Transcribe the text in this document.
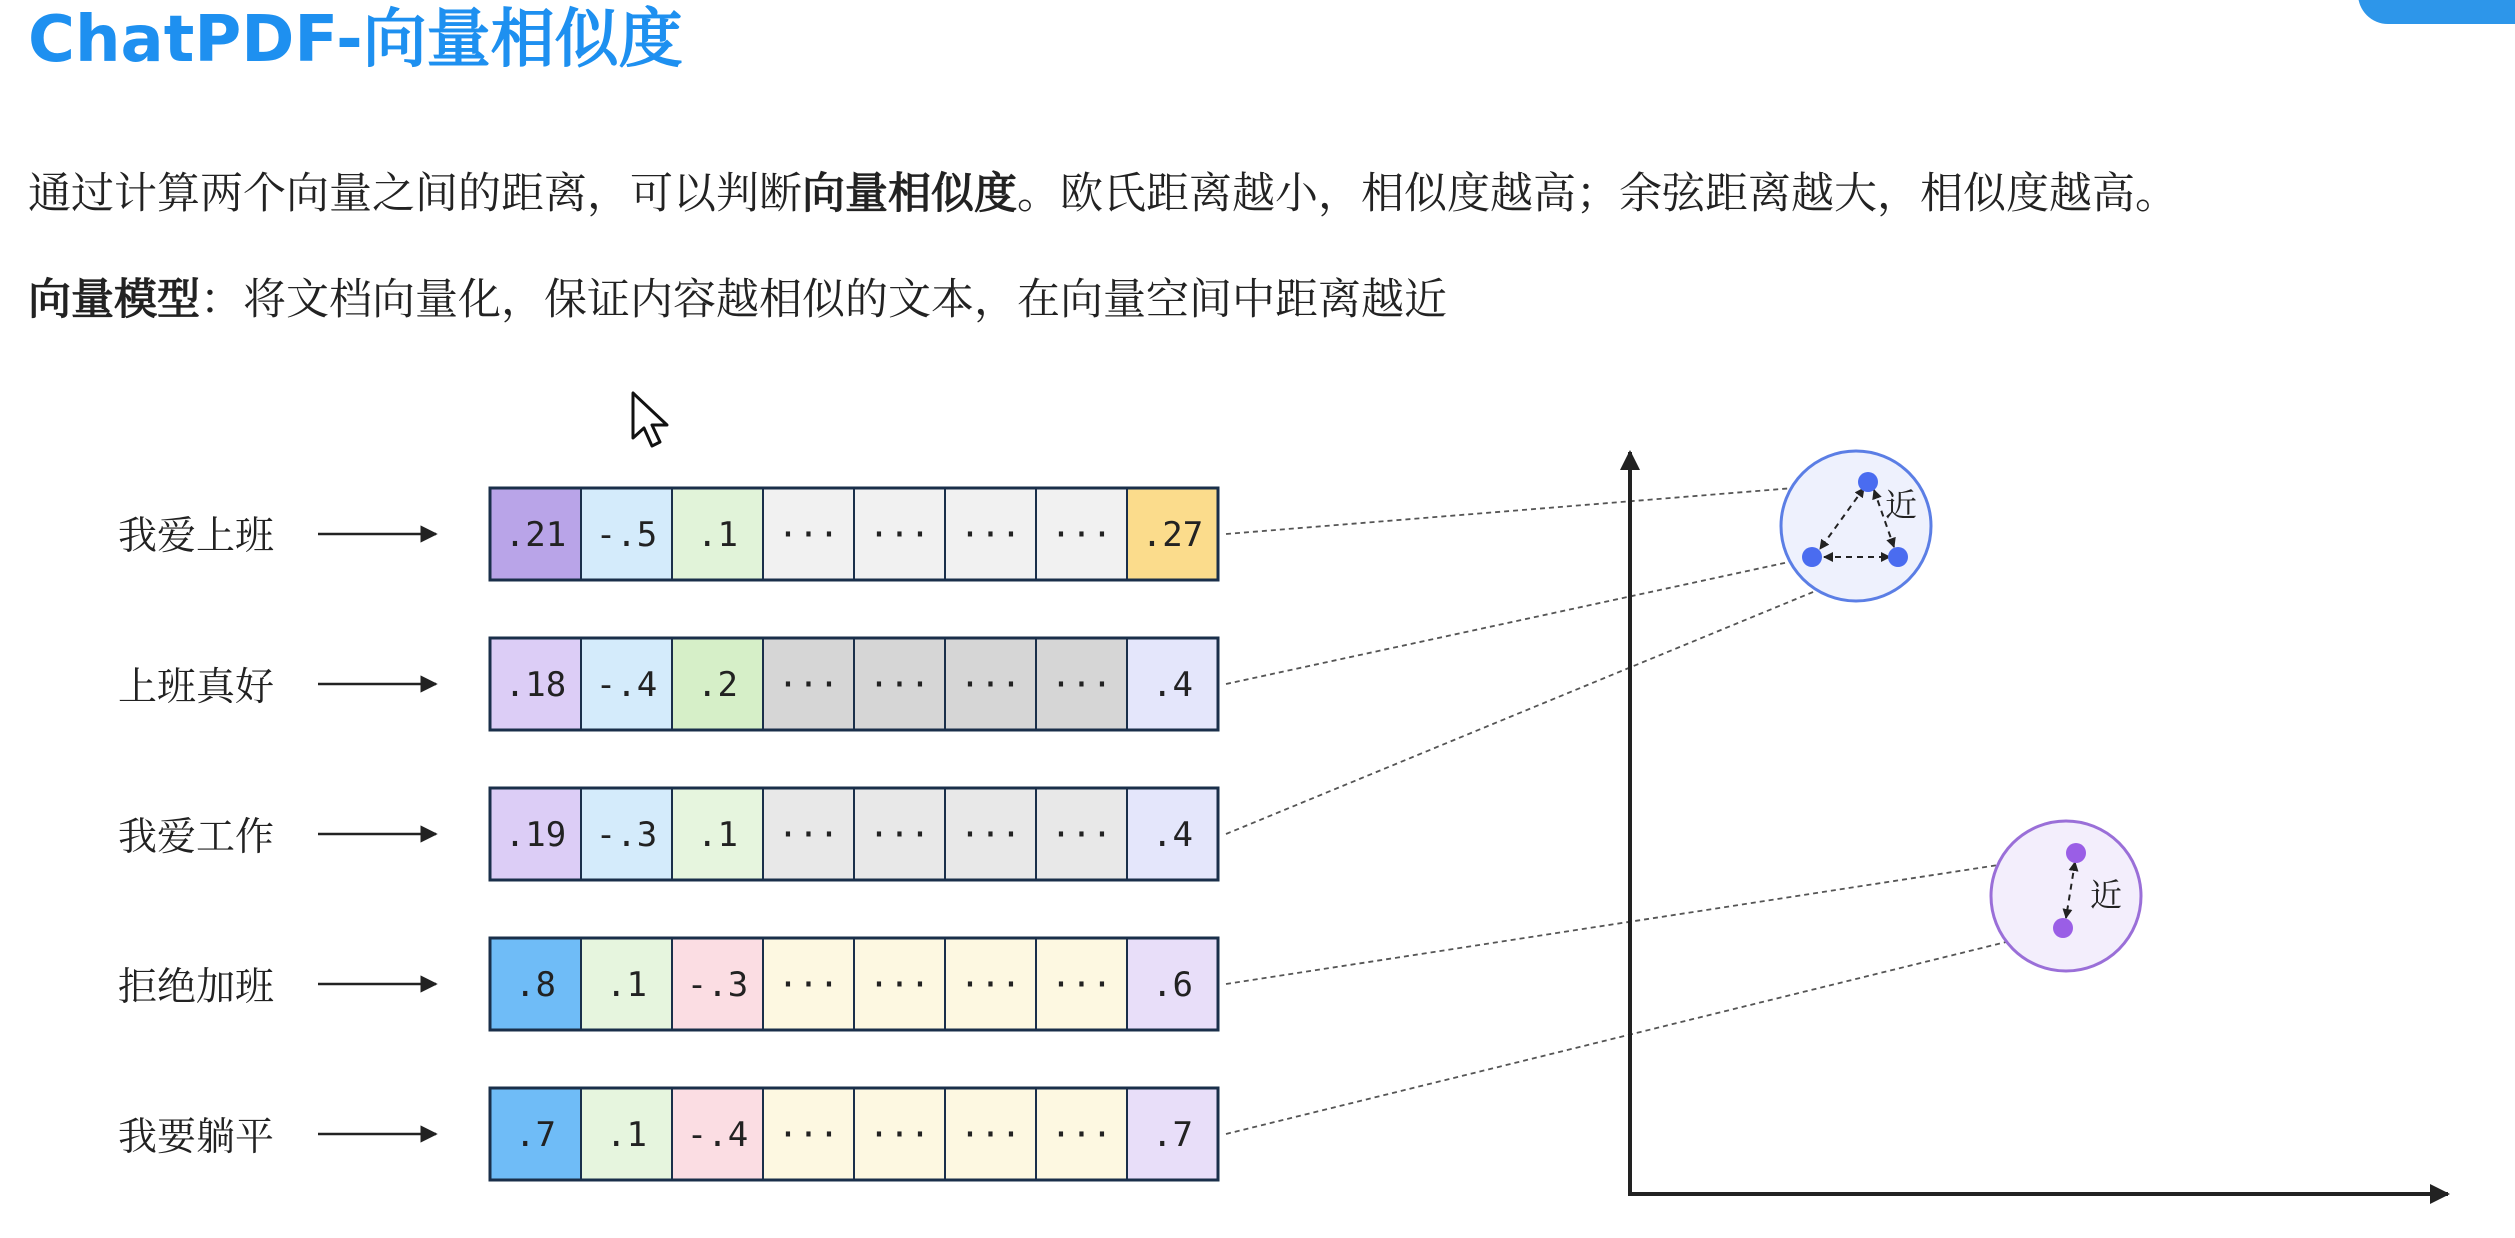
ChatPDF-向量相似度
通过计算两个向量之间的距离，可以判断向量相似度。欧氏距离越小，相似度越高；余弦距离越大，相似度越高。
向量模型：将文档向量化，保证内容越相似的文本，在向量空间中距离越近
我爱上班
上班真好
我爱工作
拒绝加班
我要躺平
.21 -.5 .1 ··· ··· ··· ··· .27
.18 -.4 .2 ··· ··· ··· ··· .4
.19 -.3 .1 ··· ··· ··· ··· .4
.8 .1 -.3 ··· ··· ··· ··· .6
.7 .1 -.4 ··· ··· ··· ··· .7
近
近
